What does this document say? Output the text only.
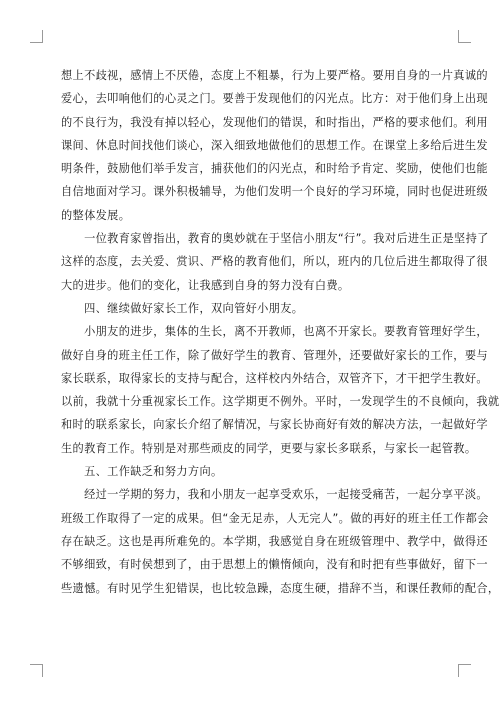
想上不歧视，感情上不厌倦，态度上不粗暴，行为上要严格。要用自身的一片真诚的
爱心，去叩响他们的心灵之门。要善于发现他们的闪光点。比方：对于他们身上出现
的不良行为，我没有掉以轻心，发现他们的错误，和时指出，严格的要求他们。利用
课间、休息时间找他们谈心，深入细致地做他们的思想工作。在课堂上多给后进生发
明条件，鼓励他们举手发言，捕获他们的闪光点，和时给予肯定、奖励，使他们也能
自信地面对学习。课外积极辅导，为他们发明一个良好的学习环境，同时也促进班级
的整体发展。
　　一位教育家曾指出，教育的奥妙就在于坚信小朋友“行”。我对后进生正是坚持了
这样的态度，去关爱、赏识、严格的教育他们，所以，班内的几位后进生都取得了很
大的进步。他们的变化，让我感到自身的努力没有白费。
　　四、继续做好家长工作，双向管好小朋友。
　　小朋友的进步，集体的生长，离不开教师，也离不开家长。要教育管理好学生，
做好自身的班主任工作，除了做好学生的教育、管理外，还要做好家长的工作，要与
家长联系，取得家长的支持与配合，这样校内外结合，双管齐下，才干把学生教好。
以前，我就十分重视家长工作。这学期更不例外。平时，一发现学生的不良倾向，我就
和时的联系家长，向家长介绍了解情况，与家长协商好有效的解决方法，一起做好学
生的教育工作。特别是对那些顽皮的同学，更要与家长多联系，与家长一起管教。
　　五、工作缺乏和努力方向。
　　经过一学期的努力，我和小朋友一起享受欢乐，一起接受痛苦，一起分享平淡。
班级工作取得了一定的成果。但“金无足赤，人无完人”。做的再好的班主任工作都会
存在缺乏。这也是再所难免的。本学期，我感觉自身在班级管理中、教学中，做得还
不够细致，有时侯想到了，由于思想上的懒惰倾向，没有和时把有些事做好，留下一
些遗憾。有时见学生犯错误，也比较急躁，态度生硬，措辞不当，和课任教师的配合，
